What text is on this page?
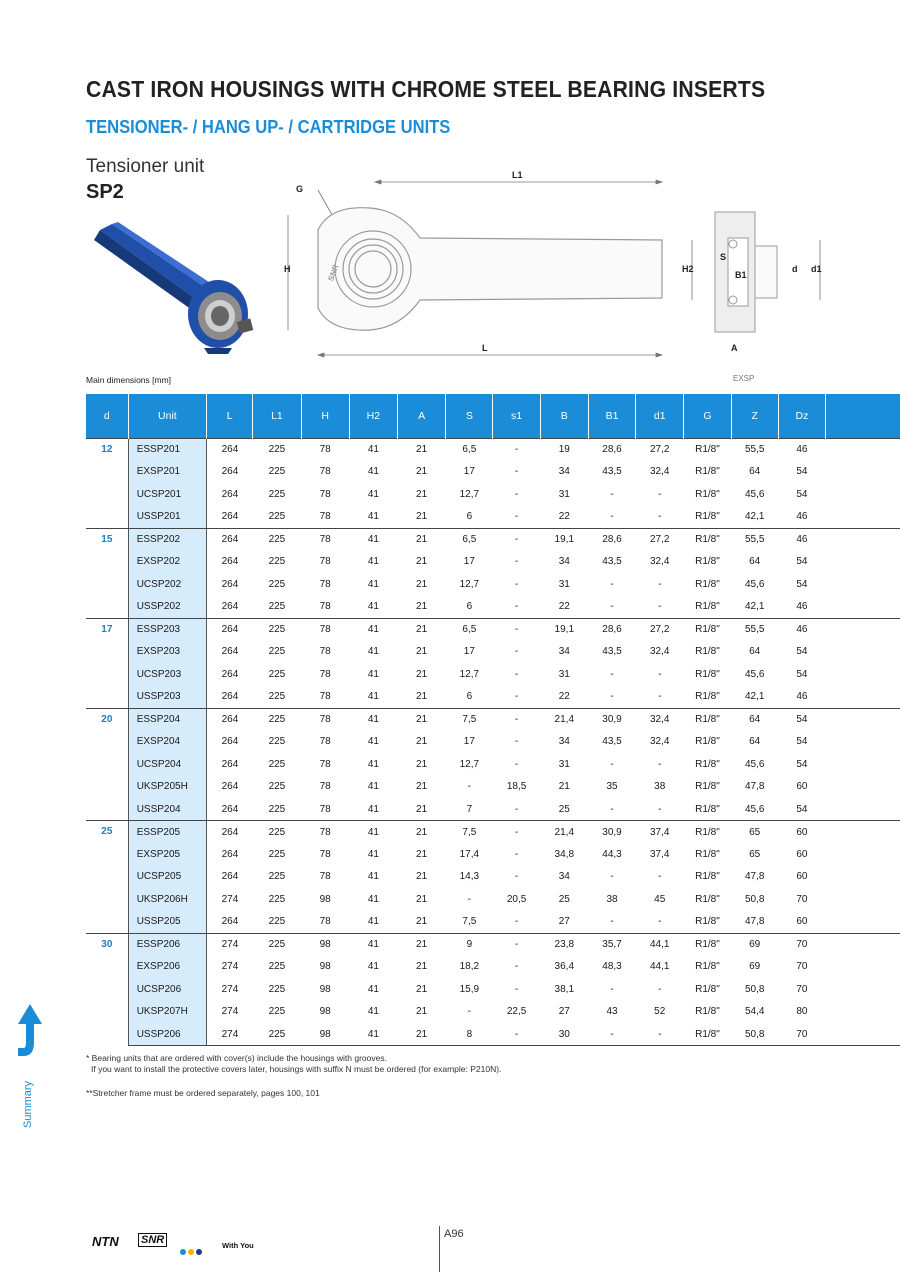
CAST IRON HOUSINGS WITH CHROME STEEL BEARING INSERTS
TENSIONER- / HANG UP- / CARTRIDGE UNITS
Tensioner unit
SP2	G
L1
H	H2
L
S
B1
d d1
A
SNR
Main dimensions [mm]	EXSP
d	Unit	L	L1	H	H2	A	S	s1	B	B1	d1	G	Z	Dz	
12	ESSP201	264	225	78	41	21	6,5	-	19	28,6	27,2	R1/8"	55,5	46	
	EXSP201	264	225	78	41	21	17	-	34	43,5	32,4	R1/8"	64	54	
	UCSP201	264	225	78	41	21	12,7	-	31	-	-	R1/8"	45,6	54	
	USSP201	264	225	78	41	21	6	-	22	-	-	R1/8"	42,1	46	
15	ESSP202	264	225	78	41	21	6,5	-	19,1	28,6	27,2	R1/8"	55,5	46	
	EXSP202	264	225	78	41	21	17	-	34	43,5	32,4	R1/8"	64	54	
	UCSP202	264	225	78	41	21	12,7	-	31	-	-	R1/8"	45,6	54	
	USSP202	264	225	78	41	21	6	-	22	-	-	R1/8"	42,1	46	
17	ESSP203	264	225	78	41	21	6,5	-	19,1	28,6	27,2	R1/8"	55,5	46	
	EXSP203	264	225	78	41	21	17	-	34	43,5	32,4	R1/8"	64	54	
	UCSP203	264	225	78	41	21	12,7	-	31	-	-	R1/8"	45,6	54	
	USSP203	264	225	78	41	21	6	-	22	-	-	R1/8"	42,1	46	
20	ESSP204	264	225	78	41	21	7,5	-	21,4	30,9	32,4	R1/8"	64	54	
	EXSP204	264	225	78	41	21	17	-	34	43,5	32,4	R1/8"	64	54	
	UCSP204	264	225	78	41	21	12,7	-	31	-	-	R1/8"	45,6	54	
	UKSP205H	264	225	78	41	21	-	18,5	21	35	38	R1/8"	47,8	60	
	USSP204	264	225	78	41	21	7	-	25	-	-	R1/8"	45,6	54	
25	ESSP205	264	225	78	41	21	7,5	-	21,4	30,9	37,4	R1/8"	65	60	
	EXSP205	264	225	78	41	21	17,4	-	34,8	44,3	37,4	R1/8"	65	60	
	UCSP205	264	225	78	41	21	14,3	-	34	-	-	R1/8"	47,8	60	
	UKSP206H	274	225	98	41	21	-	20,5	25	38	45	R1/8"	50,8	70	
	USSP205	264	225	78	41	21	7,5	-	27	-	-	R1/8"	47,8	60	
30	ESSP206	274	225	98	41	21	9	-	23,8	35,7	44,1	R1/8"	69	70	
	EXSP206	274	225	98	41	21	18,2	-	36,4	48,3	44,1	R1/8"	69	70	
	UCSP206	274	225	98	41	21	15,9	-	38,1	-	-	R1/8"	50,8	70	
	UKSP207H	274	225	98	41	21	-	22,5	27	43	52	R1/8"	54,4	80	
	USSP206	274	225	98	41	21	8	-	30	-	-	R1/8"	50,8	70	
* Bearing units that are ordered with cover(s) include the housings with grooves.
If you want to install the protective covers later, housings with suffix N must be ordered (for example: P210N).
**Stretcher frame must be ordered separately, pages 100, 101
Summary
NTN SNR	With You
A96
